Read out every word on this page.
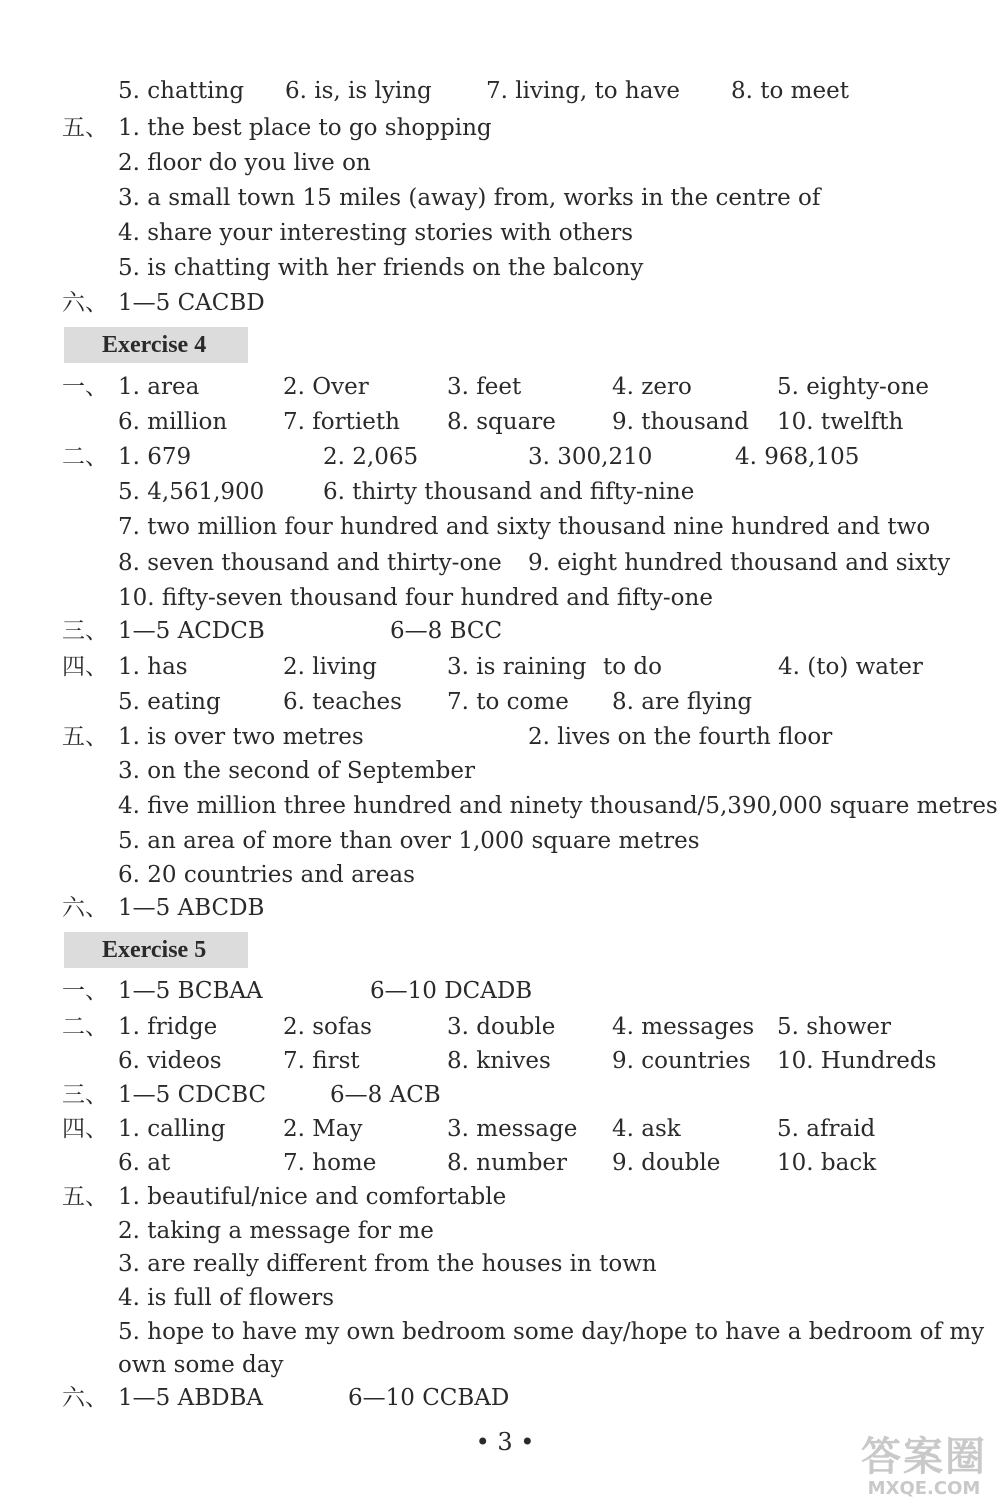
5. chatting 6. is, is lying 7. living, to have 8. to meet
五、 1. the best place to go shopping
2. floor do you live on
3. a small town 15 miles (away) from, works in the centre of
4. share your interesting stories with others
5. is chatting with her friends on the balcony
六、 1—5 CACBD
Exercise 4
一、 1. area	2. Over	3. feet	4. zero	5. eighty-one
6. million 7. fortieth 8. square 9. thousand 10. twelfth
二、 1. 679	2. 2,065	3. 300,210	4. 968,105
5. 4,561,900	6. thirty thousand and fifty-nine
7. two million four hundred and sixty thousand nine hundred and two
8. seven thousand and thirty-one 9. eight hundred thousand and sixty
10. fifty-seven thousand four hundred and fifty-one
三、 1—5 ACDCB	6—8 BCC
四、 1. has	2. living	3. is raining to do	4. (to) water
5. eating	6. teaches 7. to come 8. are flying
五、 1. is over two metres	2. lives on the fourth floor
3. on the second of September
4. five million three hundred and ninety thousand/5,390,000 square metres
5. an area of more than over 1,000 square metres
6. 20 countries and areas
六、 1—5 ABCDB
Exercise 5
一、 1—5 BCBAA	6—10 DCADB
二、 1. fridge	2. sofas	3. double 4. messages 5. shower
6. videos	7. first	8. knives	9. countries 10. Hundreds
三、 1—5 CDCBC	6—8 ACB
四、 1. calling	2. May	3. message 4. ask	5. afraid
6. at	7. home	8. number 9. double 10. back
五、 1. beautiful/nice and comfortable
2. taking a message for me
3. are really different from the houses in town
4. is full of flowers
5. hope to have my own bedroom some day/hope to have a bedroom of my
own some day
六、 1—5 ABDBA	6—10 CCBAD
• 3 •	答案圈
MXQE.COM
